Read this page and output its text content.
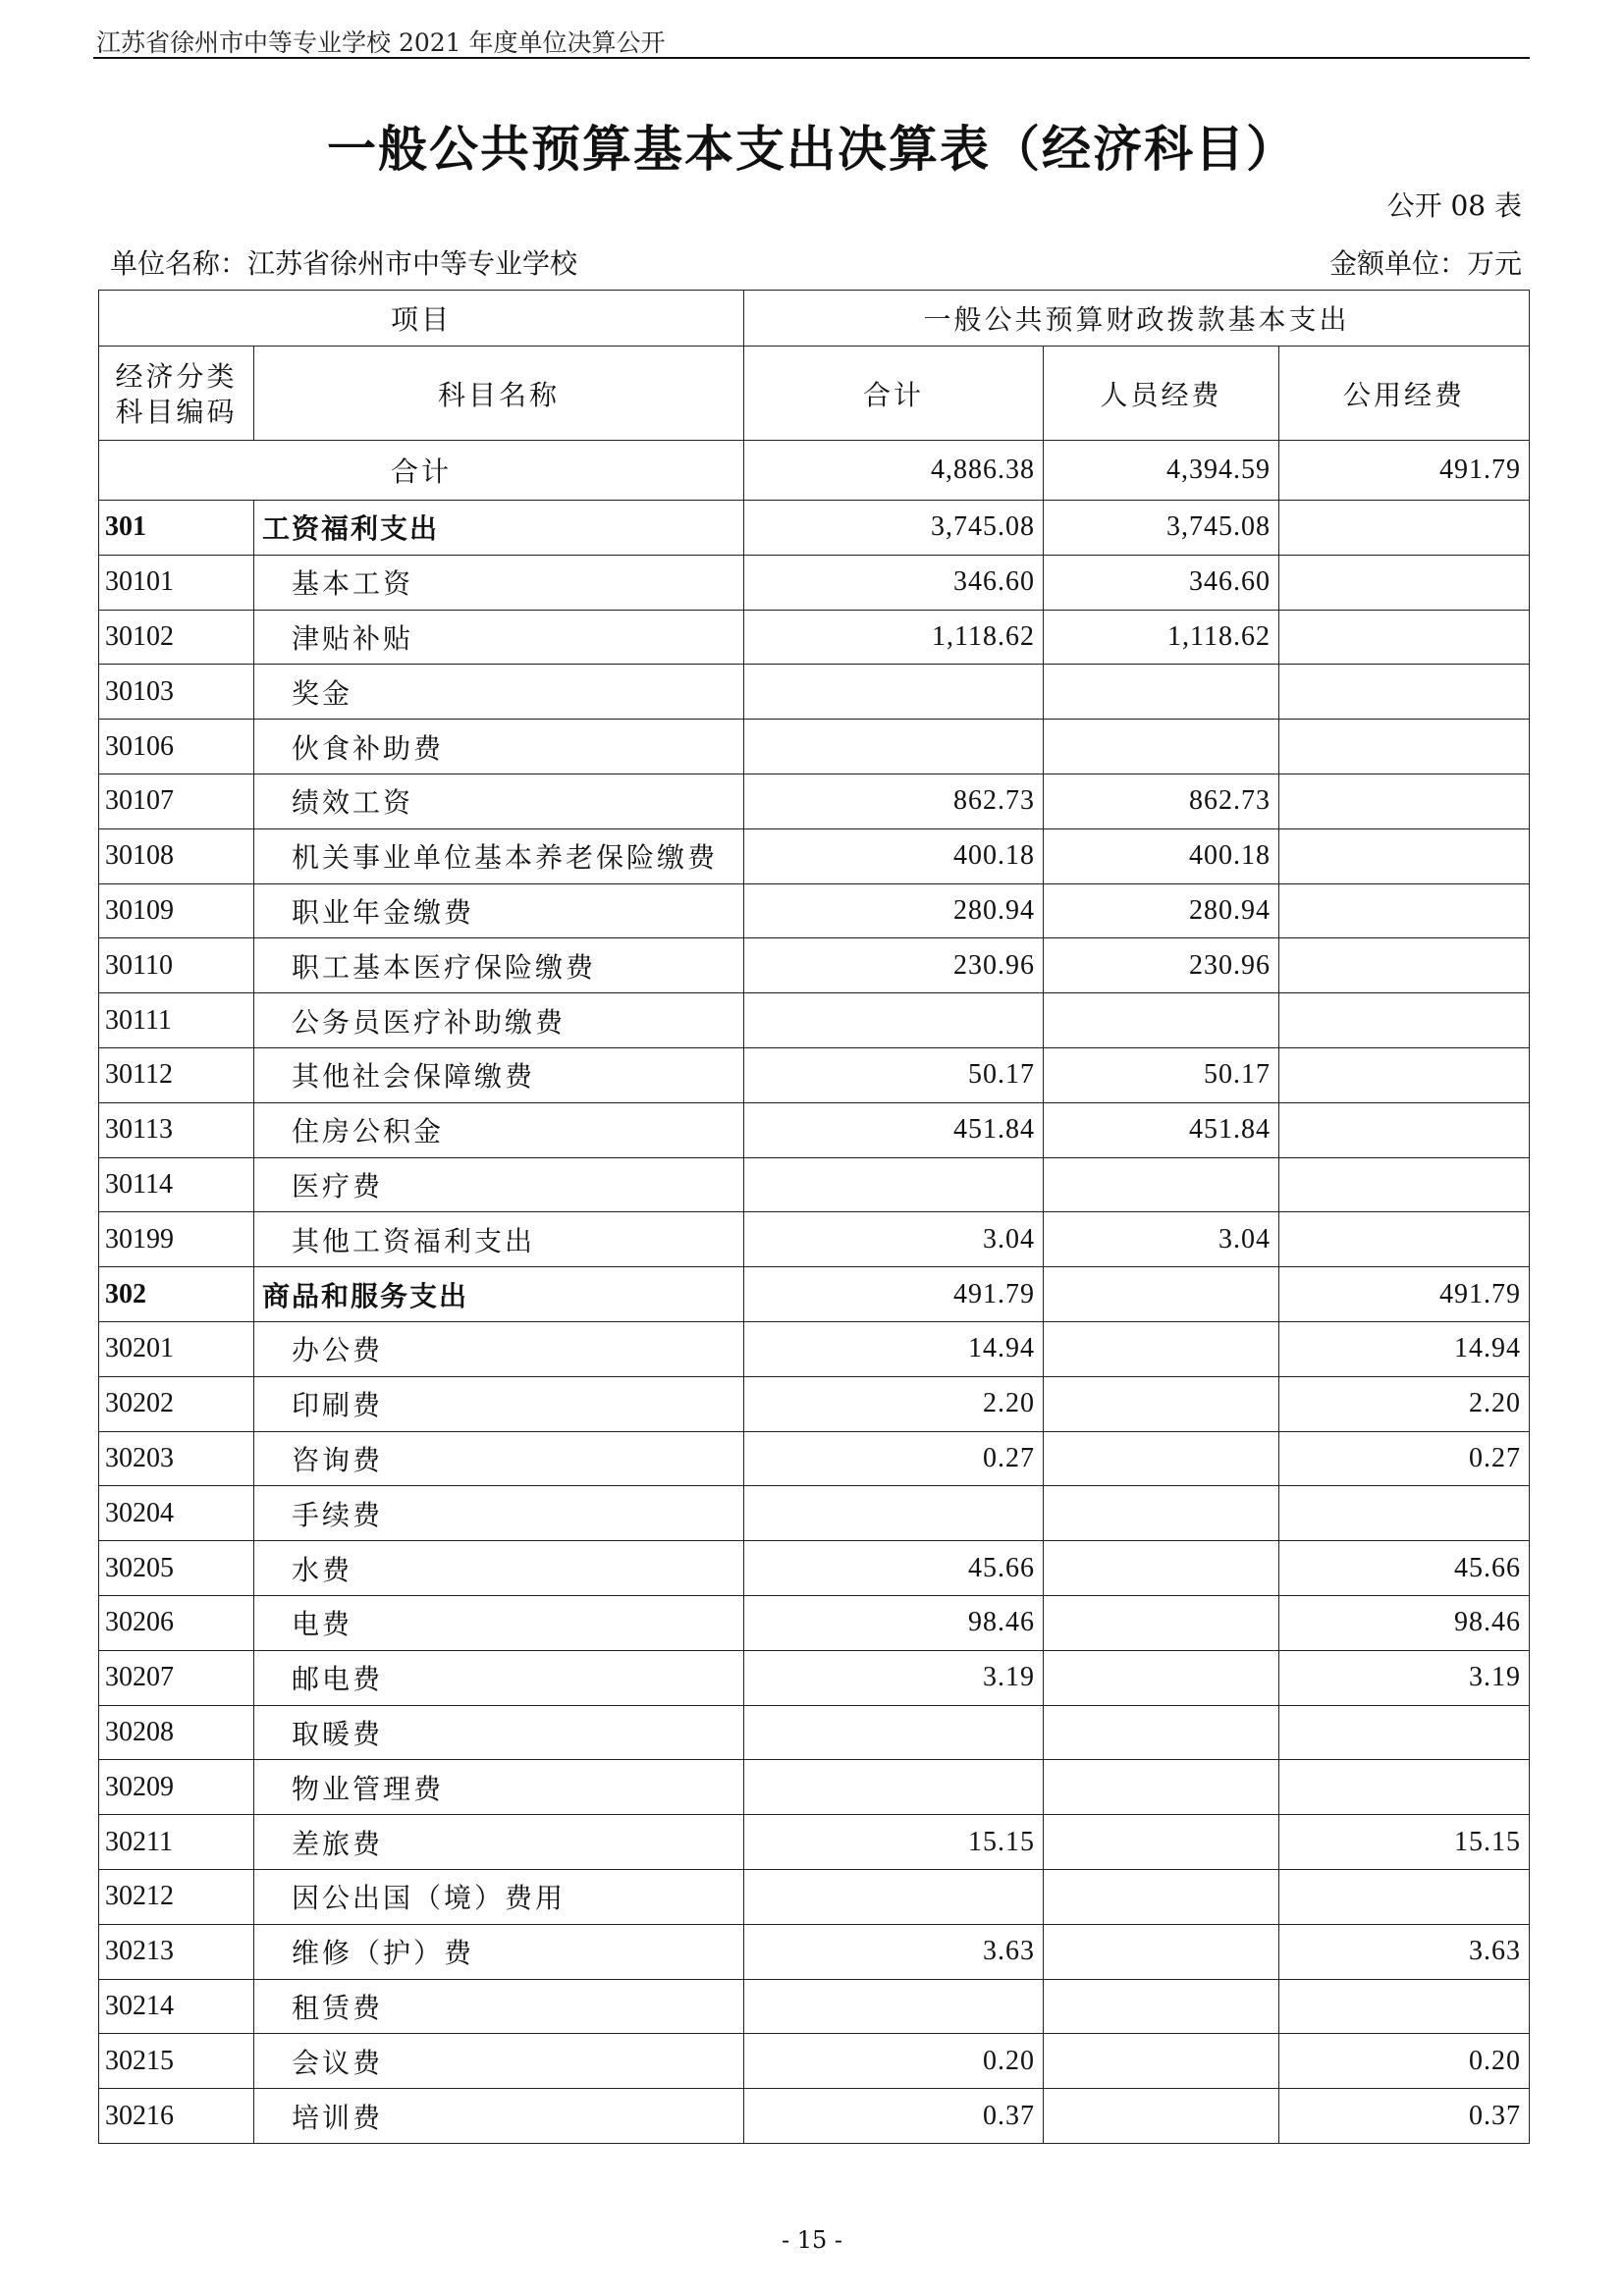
江苏省徐州市中等专业学校 2021 年度单位决算公开
一般公共预算基本支出决算表（经济科目）
公开 08 表
单位名称：江苏省徐州市中等专业学校	金额单位：万元
项目		一般公共预算财政拨款基本支出		

经济分类
科目编码	科目名称	合计	人员经费	公用经费
合计		4,886.38	4,394.59	491.79
301	工资福利支出	3,745.08	3,745.08	
30101	基本工资	346.60	346.60	
30102	津贴补贴	1,118.62	1,118.62	
30103	奖金			
30106	伙食补助费			
30107	绩效工资	862.73	862.73	
30108	机关事业单位基本养老保险缴费	400.18	400.18	
30109	职业年金缴费	280.94	280.94	
30110	职工基本医疗保险缴费	230.96	230.96	
30111	公务员医疗补助缴费			
30112	其他社会保障缴费	50.17	50.17	
30113	住房公积金	451.84	451.84	
30114	医疗费			
30199	其他工资福利支出	3.04	3.04	
302	商品和服务支出	491.79		491.79
30201	办公费	14.94		14.94
30202	印刷费	2.20		2.20
30203	咨询费	0.27		0.27
30204	手续费			
30205	水费	45.66		45.66
30206	电费	98.46		98.46
30207	邮电费	3.19		3.19
30208	取暖费			
30209	物业管理费			
30211	差旅费	15.15		15.15
30212	因公出国（境）费用			
30213	维修（护）费	3.63		3.63
30214	租赁费			
30215	会议费	0.20		0.20
30216	培训费	0.37		0.37
- 15 -
